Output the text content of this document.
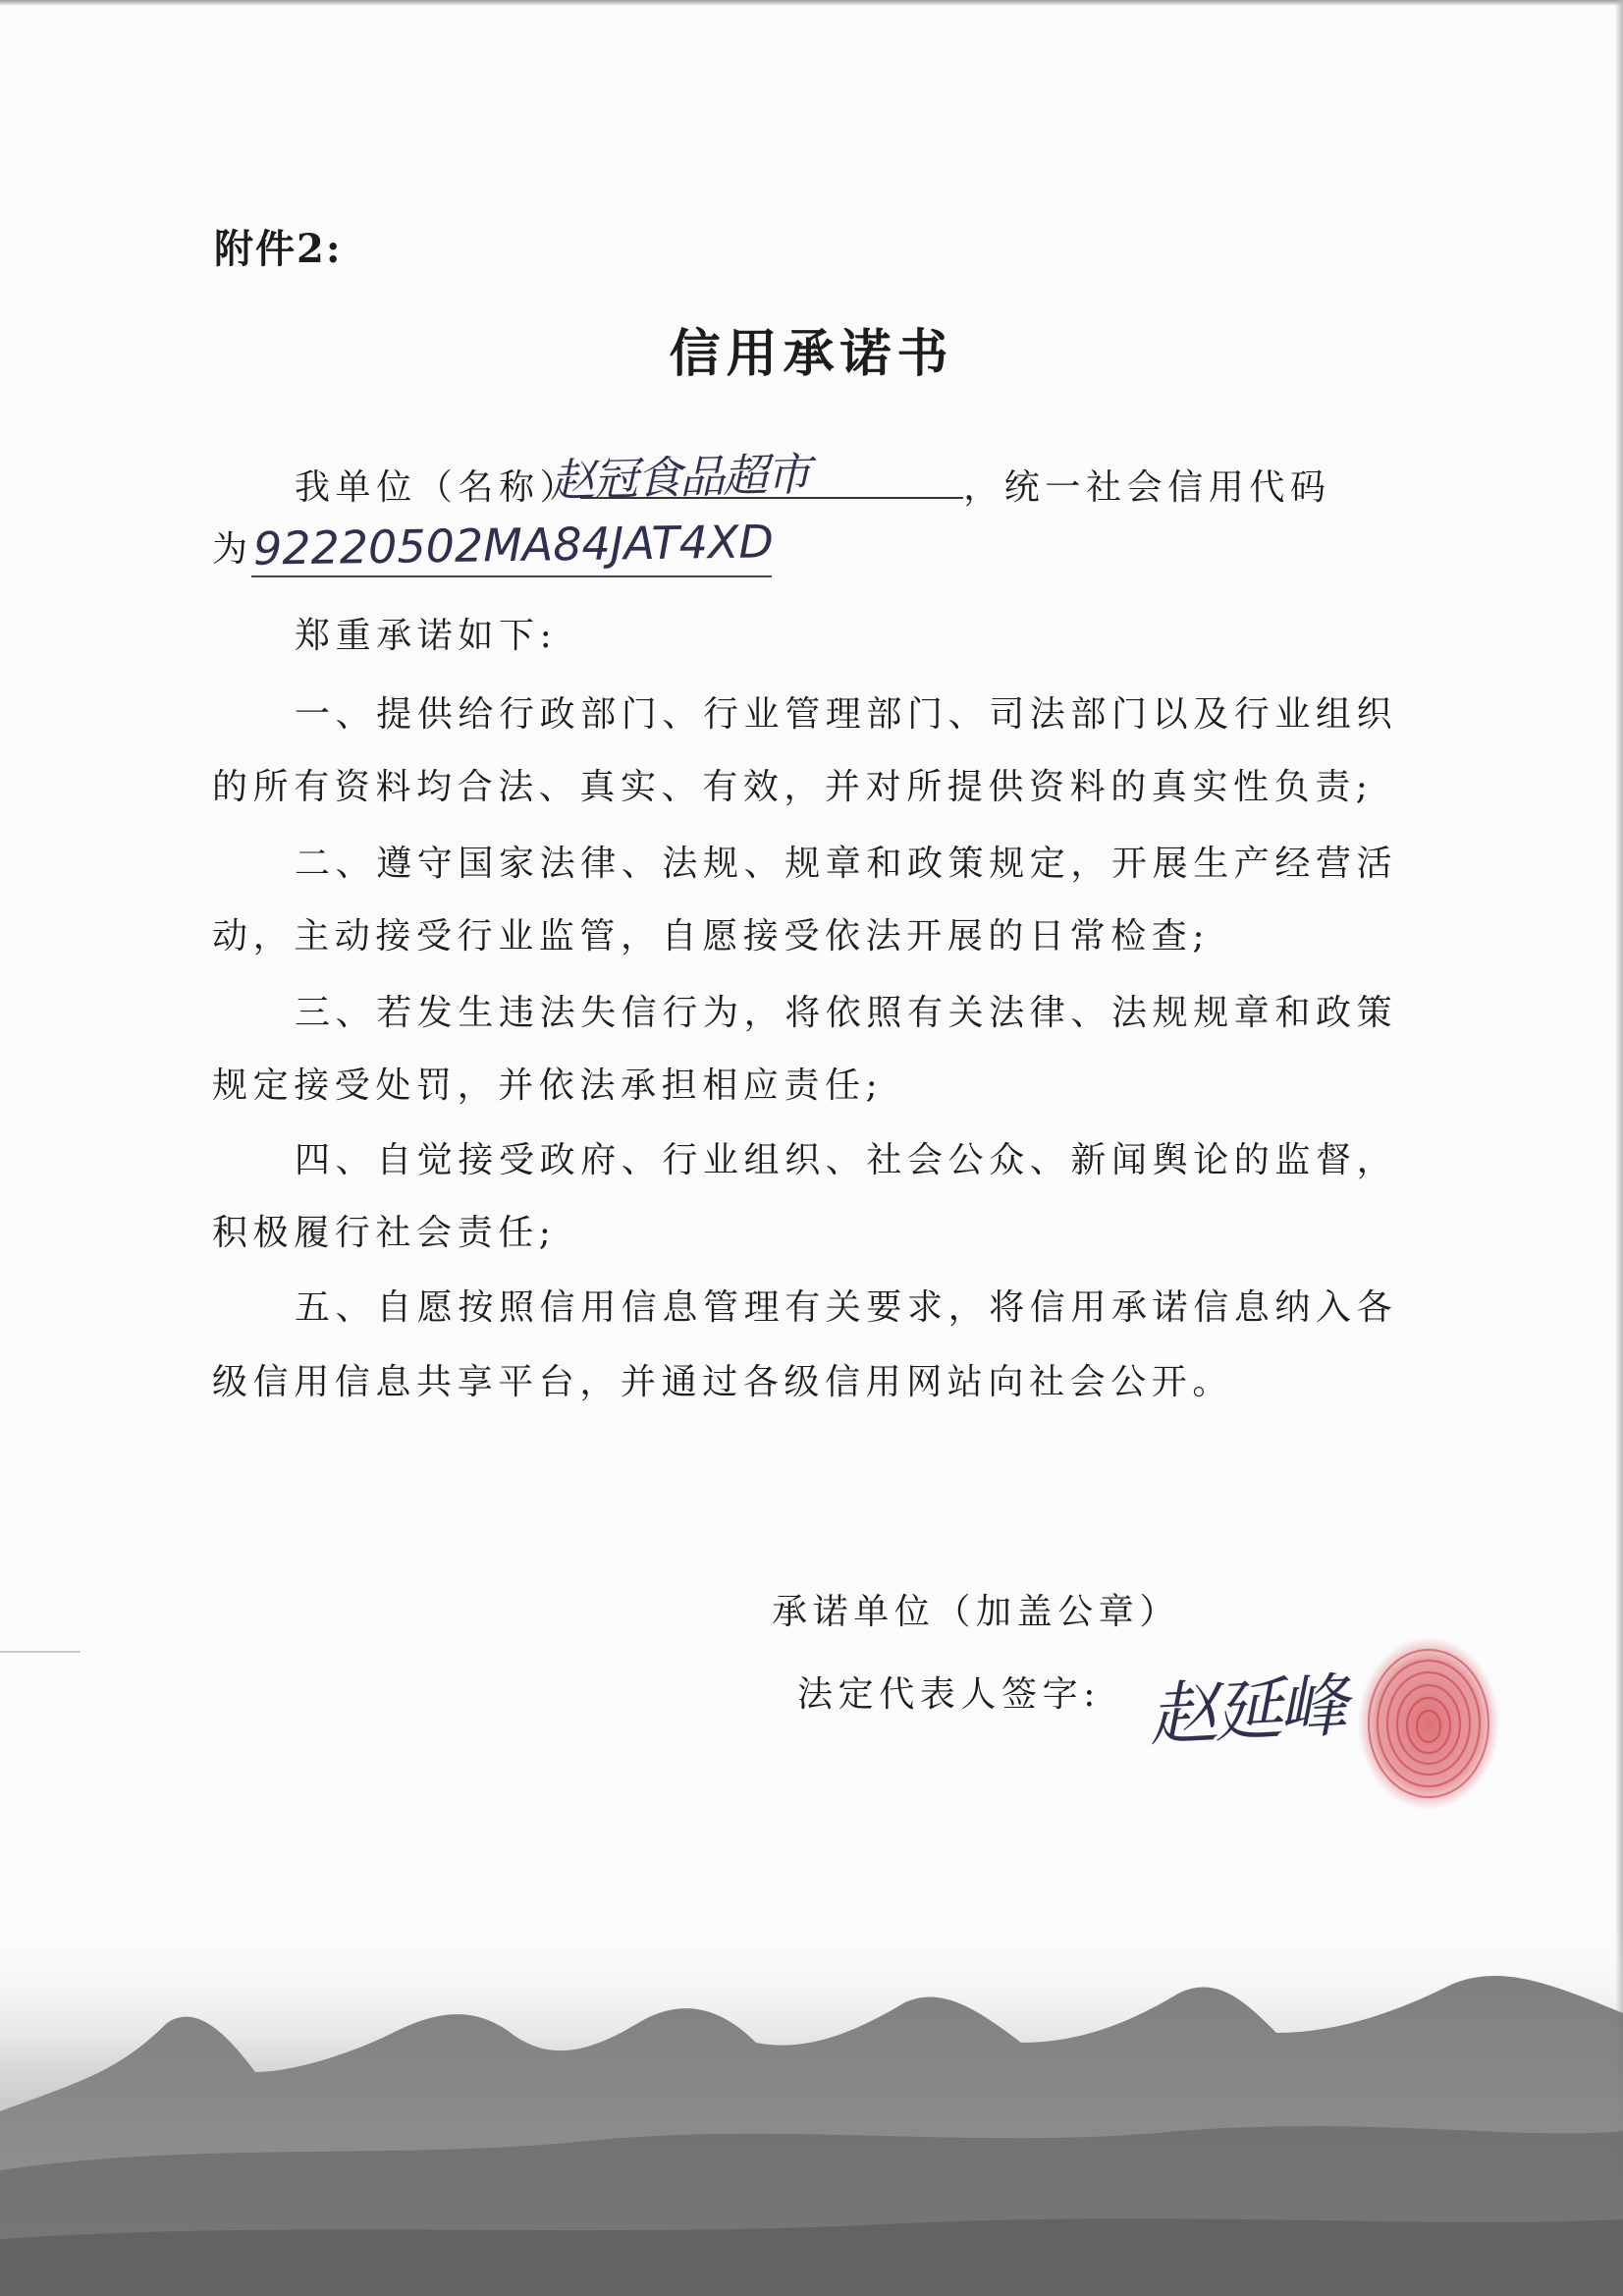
附件2:
信用承诺书
我单位（名称）	，统一社会信用代码
赵冠食品超市
为 92220502MA84JAT4XD
郑重承诺如下:
一、提供给行政部门、行业管理部门、司法部门以及行业组织
的所有资料均合法、真实、有效，并对所提供资料的真实性负责;
二、遵守国家法律、法规、规章和政策规定，开展生产经营活
动，主动接受行业监管，自愿接受依法开展的日常检查;
三、若发生违法失信行为，将依照有关法律、法规规章和政策
规定接受处罚，并依法承担相应责任;
四、自觉接受政府、行业组织、社会公众、新闻舆论的监督，
积极履行社会责任;
五、自愿按照信用信息管理有关要求，将信用承诺信息纳入各
级信用信息共享平台，并通过各级信用网站向社会公开。
承诺单位（加盖公章）
法定代表人签字: 赵延峰
